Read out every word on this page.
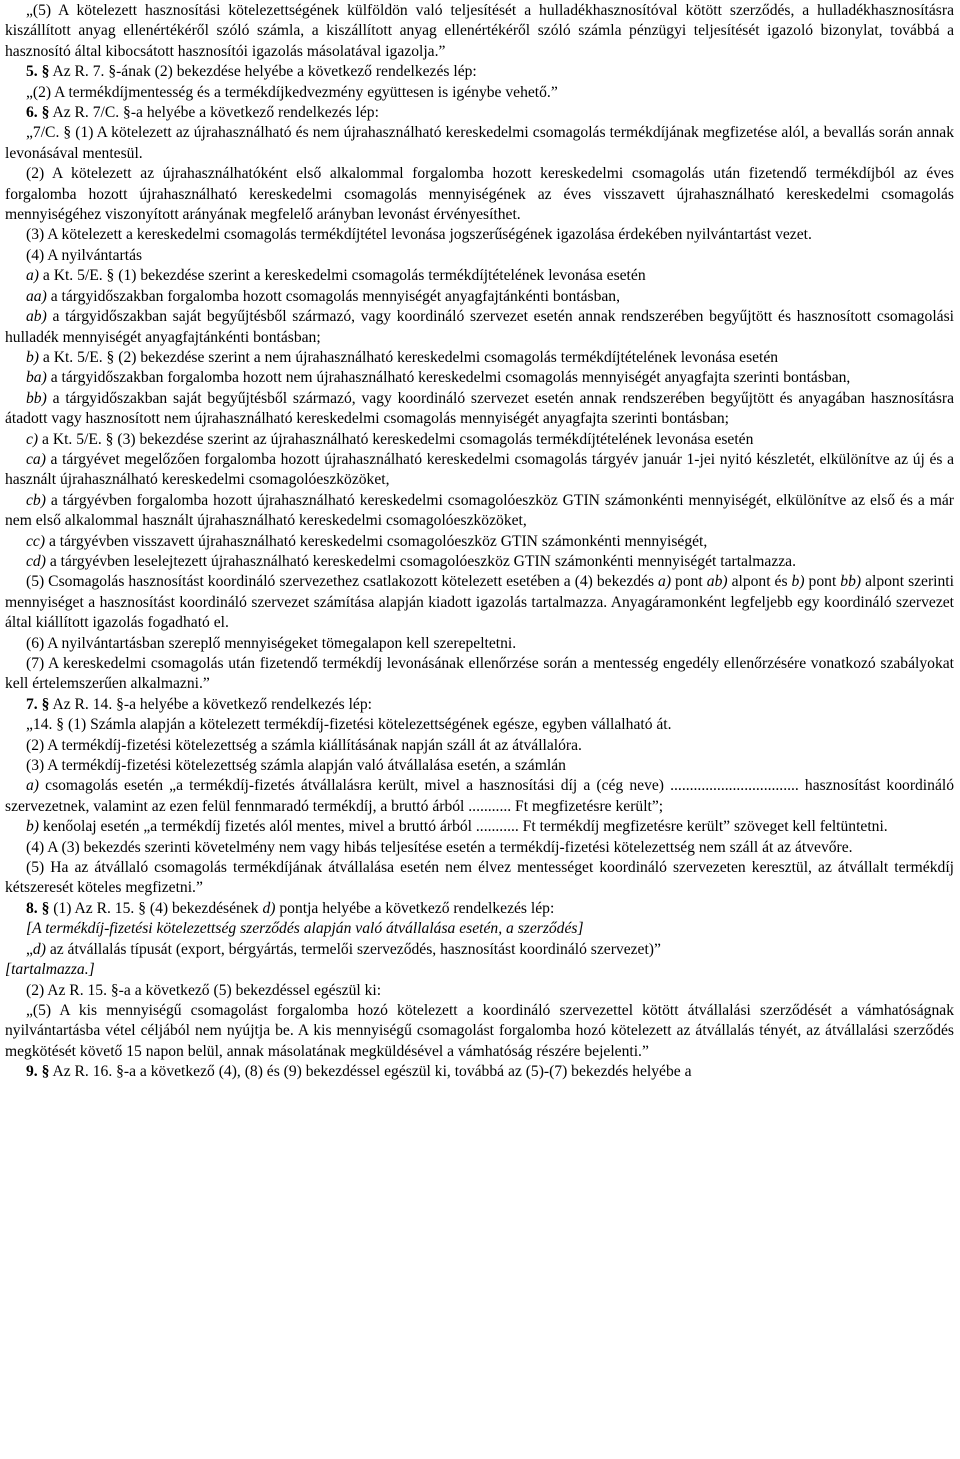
„(5) A kötelezett hasznosítási kötelezettségének külföldön való teljesítését a hulladékhasznosítóval kötött szerződés, a hulladékhasznosításra kiszállított anyag ellenértékéről szóló számla, a kiszállított anyag ellenértékéről szóló számla pénzügyi teljesítését igazoló bizonylat, továbbá a hasznosító által kibocsátott hasznosítói igazolás másolatával igazolja.”

5. § Az R. 7. §-ának (2) bekezdése helyébe a következő rendelkezés lép:

„(2) A termékdíjmentesség és a termékdíjkedvezmény együttesen is igénybe vehető.”

6. § Az R. 7/C. §-a helyébe a következő rendelkezés lép:

„7/C. § (1) A kötelezett az újrahasználható és nem újrahasználható kereskedelmi csomagolás termékdíjának megfizetése alól, a bevallás során annak levonásával mentesül.

(2) A kötelezett az újrahasználhatóként első alkalommal forgalomba hozott kereskedelmi csomagolás után fizetendő termékdíjból az éves forgalomba hozott újrahasználható kereskedelmi csomagolás mennyiségének az éves visszavett újrahasználható kereskedelmi csomagolás mennyiségéhez viszonyított arányának megfelelő arányban levonást érvényesíthet.

(3) A kötelezett a kereskedelmi csomagolás termékdíjtétel levonása jogszerűségének igazolása érdekében nyilvántartást vezet.

(4) A nyilvántartás

a) a Kt. 5/E. § (1) bekezdése szerint a kereskedelmi csomagolás termékdíjtételének levonása esetén

aa) a tárgyidőszakban forgalomba hozott csomagolás mennyiségét anyagfajtánkénti bontásban,

ab) a tárgyidőszakban saját begyűjtésből származó, vagy koordináló szervezet esetén annak rendszerében begyűjtött és hasznosított csomagolási hulladék mennyiségét anyagfajtánkénti bontásban;

b) a Kt. 5/E. § (2) bekezdése szerint a nem újrahasználható kereskedelmi csomagolás termékdíjtételének levonása esetén

ba) a tárgyidőszakban forgalomba hozott nem újrahasználható kereskedelmi csomagolás mennyiségét anyagfajta szerinti bontásban,

bb) a tárgyidőszakban saját begyűjtésből származó, vagy koordináló szervezet esetén annak rendszerében begyűjtött és anyagában hasznosításra átadott vagy hasznosított nem újrahasználható kereskedelmi csomagolás mennyiségét anyagfajta szerinti bontásban;

c) a Kt. 5/E. § (3) bekezdése szerint az újrahasználható kereskedelmi csomagolás termékdíjtételének levonása esetén

ca) a tárgyévet megelőzően forgalomba hozott újrahasználható kereskedelmi csomagolás tárgyév január 1-jei nyitó készletét, elkülönítve az új és a használt újrahasználható kereskedelmi csomagolóeszközöket,

cb) a tárgyévben forgalomba hozott újrahasználható kereskedelmi csomagolóeszköz GTIN számonkénti mennyiségét, elkülönítve az első és a már nem első alkalommal használt újrahasználható kereskedelmi csomagolóeszközöket,

cc) a tárgyévben visszavett újrahasználható kereskedelmi csomagolóeszköz GTIN számonkénti mennyiségét,

cd) a tárgyévben leselejtezett újrahasználható kereskedelmi csomagolóeszköz GTIN számonkénti mennyiségét tartalmazza.

(5) Csomagolás hasznosítást koordináló szervezethez csatlakozott kötelezett esetében a (4) bekezdés a) pont ab) alpont és b) pont bb) alpont szerinti mennyiséget a hasznosítást koordináló szervezet számítása alapján kiadott igazolás tartalmazza. Anyagáramonként legfeljebb egy koordináló szervezet által kiállított igazolás fogadható el.

(6) A nyilvántartásban szereplő mennyiségeket tömegalapon kell szerepeltetni.

(7) A kereskedelmi csomagolás után fizetendő termékdíj levonásának ellenőrzése során a mentesség engedély ellenőrzésére vonatkozó szabályokat kell értelemszerűen alkalmazni.”

7. § Az R. 14. §-a helyébe a következő rendelkezés lép:

„14. § (1) Számla alapján a kötelezett termékdíj-fizetési kötelezettségének egésze, egyben vállalható át.

(2) A termékdíj-fizetési kötelezettség a számla kiállításának napján száll át az átvállalóra.

(3) A termékdíj-fizetési kötelezettség számla alapján való átvállalása esetén, a számlán

a) csomagolás esetén „a termékdíj-fizetés átvállalásra került, mivel a hasznosítási díj a (cég neve) ................................. hasznosítást koordináló szervezetnek, valamint az ezen felül fennmaradó termékdíj, a bruttó árból ........... Ft megfizetésre került”;

b) kenőolaj esetén „a termékdíj fizetés alól mentes, mivel a bruttó árból ........... Ft termékdíj megfizetésre került” szöveget kell feltüntetni.

(4) A (3) bekezdés szerinti követelmény nem vagy hibás teljesítése esetén a termékdíj-fizetési kötelezettség nem száll át az átvevőre.

(5) Ha az átvállaló csomagolás termékdíjának átvállalása esetén nem élvez mentességet koordináló szervezeten keresztül, az átvállalt termékdíj kétszeresét köteles megfizetni.”

8. § (1) Az R. 15. § (4) bekezdésének d) pontja helyébe a következő rendelkezés lép:

[A termékdíj-fizetési kötelezettség szerződés alapján való átvállalása esetén, a szerződés]

„d) az átvállalás típusát (export, bérgyártás, termelői szerveződés, hasznosítást koordináló szervezet)”

[tartalmazza.]

(2) Az R. 15. §-a a következő (5) bekezdéssel egészül ki:

„(5) A kis mennyiségű csomagolást forgalomba hozó kötelezett a koordináló szervezettel kötött átvállalási szerződését a vámhatóságnak nyilvántartásba vétel céljából nem nyújtja be. A kis mennyiségű csomagolást forgalomba hozó kötelezett az átvállalás tényét, az átvállalási szerződés megkötését követő 15 napon belül, annak másolatának megküldésével a vámhatóság részére bejelenti.”

9. § Az R. 16. §-a a következő (4), (8) és (9) bekezdéssel egészül ki, továbbá az (5)-(7) bekezdés helyébe a
